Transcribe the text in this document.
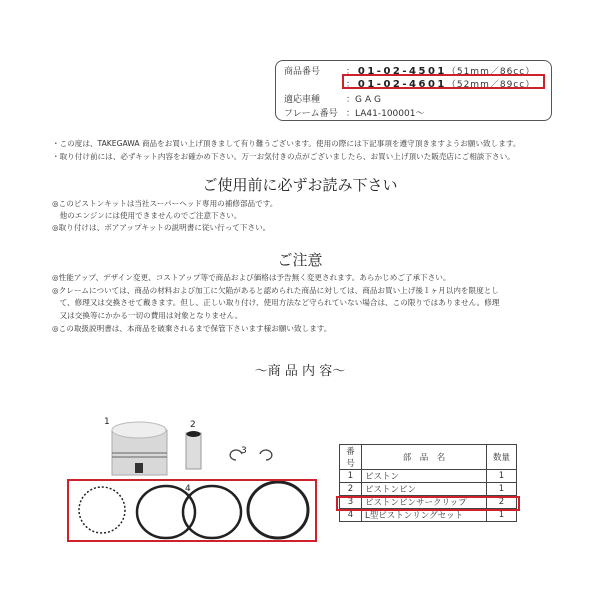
商品番号	： 01-02-4501（51mm／86cc）
： 01-02-4601（52mm／89cc）
適応車種	：GAG
フレーム番号 ：LA41-100001～
・この度は、TAKEGAWA 商品をお買い上げ頂きまして有り難うございます。使用の際には下記事項を遵守頂きますようお願い致します。
・取り付け前には、必ずキット内容をお確かめ下さい。万一お気付きの点がございましたら、お買い上げ頂いた販売店にご相談下さい。
ご使用前に必ずお読み下さい
◎このピストンキットは当社スーパーヘッド専用の補修部品です。
　他のエンジンには使用できませんのでご注意下さい。
◎取り付けは、ボアアップキットの説明書に従い行って下さい。
ご注意
◎性能アップ、デザイン変更、コストアップ等で商品および価格は予告無く変更されます。あらかじめご了承下さい。
◎クレームについては、商品の材料および加工に欠陥があると認められた商品に対しては、商品お買い上げ後１ヶ月以内を限度とし
　て、修理又は交換させて戴きます。但し、正しい取り付け、使用方法など守られていない場合は、この限りではありません。修理
　又は交換等にかかる一切の費用は対象となりません。
◎この取扱説明書は、本商品を破棄されるまで保管下さいます様お願い致します。
～商 品 内 容～
1	2
3
4
番号	部　品　名	数量
1	ピストン	1
2	ピストンピン	1
3	ピストンピンサークリップ	2
4	L型ピストンリングセット	1
